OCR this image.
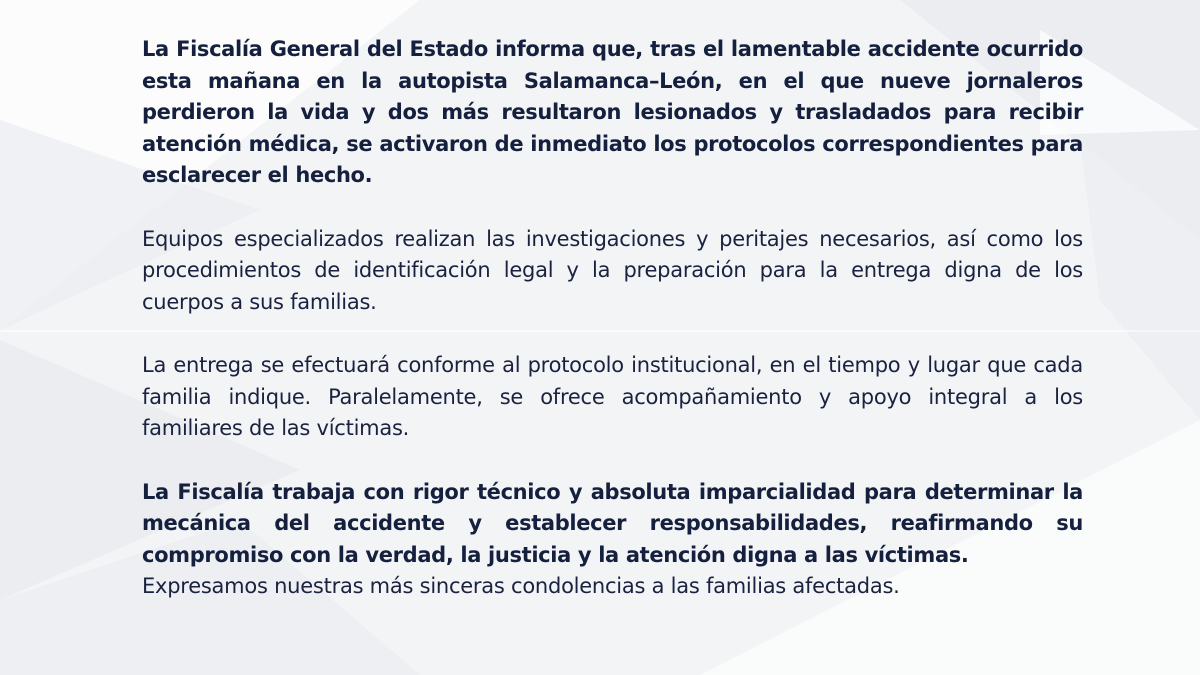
La Fiscalía General del Estado informa que, tras el lamentable accidente ocurrido esta mañana en la autopista Salamanca–León, en el que nueve jornaleros perdieron la vida y dos más resultaron lesionados y trasladados para recibir atención médica, se activaron de inmediato los protocolos correspondientes para esclarecer el hecho.

Equipos especializados realizan las investigaciones y peritajes necesarios, así como los procedimientos de identificación legal y la preparación para la entrega digna de los cuerpos a sus familias.

La entrega se efectuará conforme al protocolo institucional, en el tiempo y lugar que cada familia indique. Paralelamente, se ofrece acompañamiento y apoyo integral a los familiares de las víctimas.

La Fiscalía trabaja con rigor técnico y absoluta imparcialidad para determinar la mecánica del accidente y establecer responsabilidades, reafirmando su compromiso con la verdad, la justicia y la atención digna a las víctimas.

Expresamos nuestras más sinceras condolencias a las familias afectadas.
